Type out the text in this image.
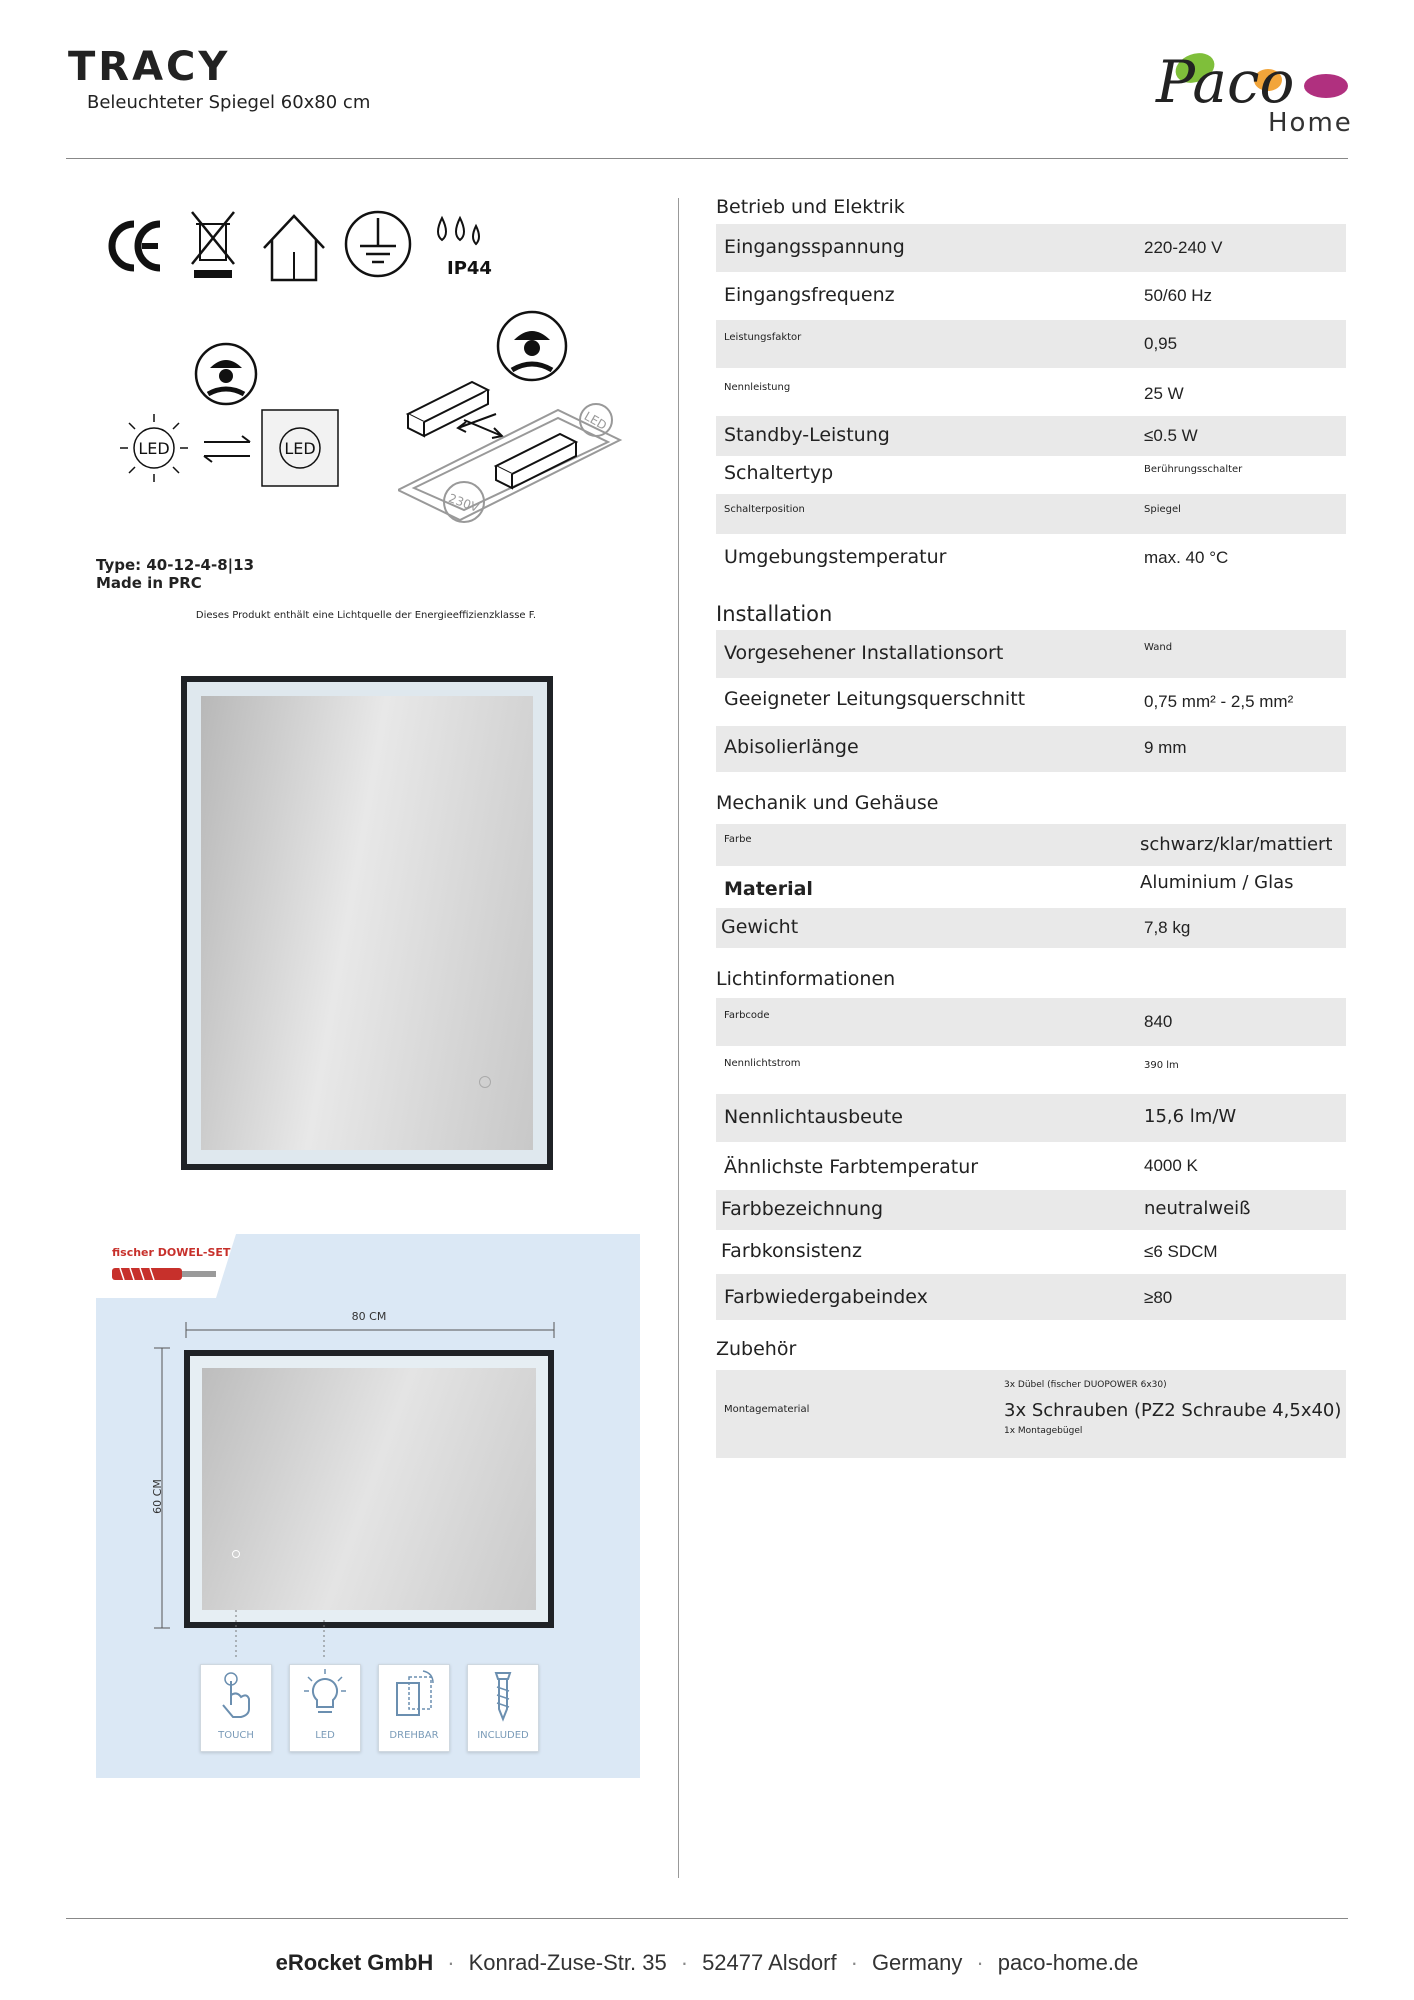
TRACY
Beleuchteter Spiegel 60x80 cm	Paco
Home
IP44
LED	LED
LED
230V
Type: 40-12-4-8|13
Made in PRC
Dieses Produkt enthält eine Lichtquelle der Energieeffizienzklasse F.
fischer DOWEL-SET
80 CM
60 CM
TOUCH	LED	DREHBAR	INCLUDED
Betrieb und Elektrik
Eingangsspannung	220-240 V
Eingangsfrequenz	50/60 Hz
Leistungsfaktor	0,95
Nennleistung	25 W
Standby-Leistung	≤0.5 W
Schaltertyp	Berührungsschalter
Schalterposition	Spiegel
Umgebungstemperatur	max. 40 °C
Installation
Vorgesehener Installationsort	Wand
Geeigneter Leitungsquerschnitt	0,75 mm² - 2,5 mm²
Abisolierlänge	9 mm
Mechanik und Gehäuse
Farbe	schwarz/klar/mattiert
Material	Aluminium / Glas
Gewicht	7,8 kg
Lichtinformationen
Farbcode	840
Nennlichtstrom	390 lm
Nennlichtausbeute	15,6 lm/W
Ähnlichste Farbtemperatur	4000 K
Farbbezeichnung	neutralweiß
Farbkonsistenz	≤6 SDCM
Farbwiedergabeindex	≥80
Zubehör
Montagematerial
3x Dübel (fischer DUOPOWER 6x30)
3x Schrauben (PZ2 Schraube 4,5x40)
1x Montagebügel
eRocket GmbH · Konrad-Zuse-Str. 35 · 52477 Alsdorf · Germany · paco-home.de
